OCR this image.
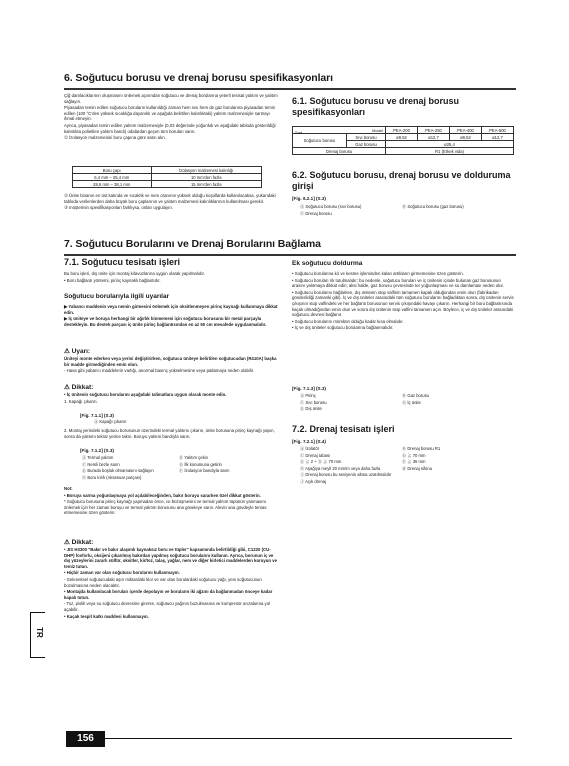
6. Soğutucu borusu ve drenaj borusu spesifikasyonları

Çiğ damlacıklarının oluşmasını önlemek açısından soğutucu ve drenaj borularına yeterli tesisat yalıtım ve yalıtım sağlayın.

Piyasadan temin edilen soğutucu boruların kullanıldığı zaman hem sıvı hem de gaz borularına piyasadan temin edilen (100 °C'den yüksek sıcaklığa dayanıklı ve aşağıda belirtilen kalınlıktaki) yalıtım malzemesiyle sarmayı ihmal etmeyin.

Ayrıca, piyasadan temin edilen yalıtım malzemesiyle (0,03 değerinde yoğunluk ve aşağıdaki tabloda gösterildiği kalınlıkta polietilen yalıtım bandı) odalardan geçen tüm boruları sarın.

① İzolasyon malzemesini boru çapına göre satın alın.

Boru çapı	İzolasyon malzemesi kalınlığı
6,4 mm – 25,4 mm	10 mm'den fazla
28,6 mm – 38,1 mm	15 mm'den fazla

② Ünite binanın en üst katında ve sıcaklık ve nem oranının yüksek olduğu koşullarda kullanılacaksa, yukarıdaki tabloda verilenlerden daha büyük boru çaplarının ve yalıtım malzemesi kalınlıklarının kullanılması gerekir.

③ müşterinin spesifikasyonları farklıysa, onları uygulayın.

6.1. Soğutucu borusu ve drenaj borusu spesifikasyonları
Sıra Model		PEA-200	PEA-250	PEA-400	PEA-500
Soğutucu borusu	Sıvı borusu	ø9,52	ø12,7	ø9,52	ø12,7
	Gaz borusu	ø25,4			
Drenaj borusu		R1 (Erkek vida)			
6.2. Soğutucu borusu, drenaj borusu ve dolduruma girişi
[Fig. 6.2.1] (S.3)
Ⓐ Soğutucu borusu (sıvı borusu)	Ⓑ Soğutucu borusu (gaz borusu)
Ⓒ Drenaj borusu
7. Soğutucu Borularını ve Drenaj Borularını Bağlama
7.1. Soğutucu tesisatı işleri

Bu boru işleri, dış ünite için montaj kılavuzlarına uygun olarak yapılmalıdır.

• Boru bağlantı yöntemi, pirinç kaynaklı bağlantıdır.

Soğutucu borularıyla ilgili uyarılar

▶ Yabancı maddenin veya nemin girmesini önlemek için oksitlenmeyen pirinç kaynağı kullanmaya dikkat edin.

▶ İç üniteye ve boruya herhangi bir ağırlık binmemesi için soğutucu borusunu bir metal parçayla destekleyin. Bu destek parçası iç ünite pirinç bağlantısından en az 50 cm mesafede uygulanmalıdır.

⚠ Uyarı:

Üniteyi monte ederken veya yerini değiştirirken, soğutucu üniteye belirtilen soğutucudan (R410A) başka bir madde girmediğinden emin olun.

- Hava gibi yabancı maddelerin varlığı, anormal basınç yükselmesine veya patlamaya neden olabilir.

⚠ Dikkat:

• İç ünitenin soğutucu borularını aşağıdaki talimatlara uygun olarak monte edin.

1. Kapağı çıkarın.

[Fig. 7.1.1] (S.3)
Ⓐ Kapağı çıkarın
2. Montaj yerindeki soğutucu borusunun üzerindeki termal yalıtımı çıkarın, ünite borusuna pirinç kaynağı yapın, sonra da yalıtımı tekrar yerine takın. Boruyu yalıtım bandıyla sarın.
[Fig. 7.1.2] (S.3)
Ⓐ Termal yalıtım	Ⓑ Yalıtım çekin
Ⓒ Nemli bezle sarın	Ⓓ İlk konumuna getirin
Ⓔ Burada boşluk olmamasını sağlayın	Ⓕ İzolasyon bandıyla sarın
Ⓖ Boru kılıfı (Aksesuar parçası)

Not:

• Boruya sarma yoğunlaşmaya yol açılabileceğinden, bakır boruyu sararken özel dikkat gösterin.

* Soğutucu borusuna pirinç kaynağı yapmadan önce, ısı büzüşmesini ve termal yalıtım tüpünün yanmasını önlemek için her zaman boruyu ve termal yalıtım borusunu ana göveleye sarın. Alevin ana gövdeyle temas etmemesine özen gösterin.

⚠ Dikkat:

• JIS H3300 "Bakır ve bakır alaşımlı kaynaksız boru ve tüpler" kapsamında belirtildiği gibi, C1220 (CU-DHP) fosforlu, oksijeni çıkarılmış bakırdan yapılmış soğutucu borularını kullanın. Ayrıca, borunun iç ve dış yüzeylerini zararlı sülfür, oksitler, kir/toz, talaş, yağlar, nem ve diğer kirletici maddelerden koruyun ve temiz tutun.

• Hiçbir zaman var olan soğutucu borularını kullanmayın.

- Geleneksel soğutucudaki aşırı miktardaki klor ve var olan borulardaki soğutucu yağı, yeni soğutucunun bozulmasına neden olacaktır.

• Montajda kullanılacak boruları içerde depolayın ve boruların iki ağzını da bağlanmadan önceye kadar kapalı tutun.

- Toz, pislik veya su soğutucu devresine girerse, soğutucu yağının bozulmasına ve kompresör arızalarına yol açabilir.

• Kaçak tespit katkı maddesi kullanmayın.

Ek soğutucu doldurma

• Soğutucu borularına kir ve kesme işleminden kalan artıkların girmemesine özen gösterin.

• Soğutucu boruları rik tutulmalıdır; bu nedenle, soğutucu boruları ve iç ünitenin içinde bulunan gaz borusunun arasını yalıtmaya dikkat edin; aksi halde, gaz borusu çevresinde ter yoğunlaşması ve su damlaması neden olur.

• Soğutucu borularını bağlarken, dış ünitenin stop valfinin tamamen kapalı olduğundan emin olun (fabrikadan gönderildiği zamanki gibi). İç ve dış üniteler arasındaki tüm soğutucu borularını bağladıktan sonra, dış ünitenin servis çıkışının stop valfindeki ve her bağlantı borusunun servis çıkışındaki havayı çıkarın. Herhangi bir boru bağlantısında kaçak olmadığından emin olun ve sonra dış ünitenin stop valfini tamamen açın. Böylece, iç ve dış üniteler arasındaki soğutucu devresi bağlanır.

• Soğutucu borularını mümkün olduğu kadar kısa olmalıdır.

• İç ve dış üniteler soğutucu borularına bağlanmalıdır.

[Fig. 7.1.3] (S.3)
Ⓐ Pirinç	Ⓑ Gaz borusu
Ⓒ Sıvı borusu	Ⓓ İç ünite
Ⓔ Dış ünite
7.2. Drenaj tesisatı işleri
[Fig. 7.2.1] (S.4)
Ⓐ İzolatör	Ⓑ Drenaj borusu R1
Ⓒ Drenaj tabası	Ⓓ ≧ 70 mm
Ⓔ ≧ 2 + Ⓓ ≧ 70 mm	Ⓕ ≧ 35 mm
Ⓖ Aşağıya meyil 20 mm/m veya daha fazla	Ⓗ Drenaj sifonu
Ⓘ Drenaj borusu bu seviyenin altına uzatılmalıdır
Ⓙ Açık drenaj
TR
156
